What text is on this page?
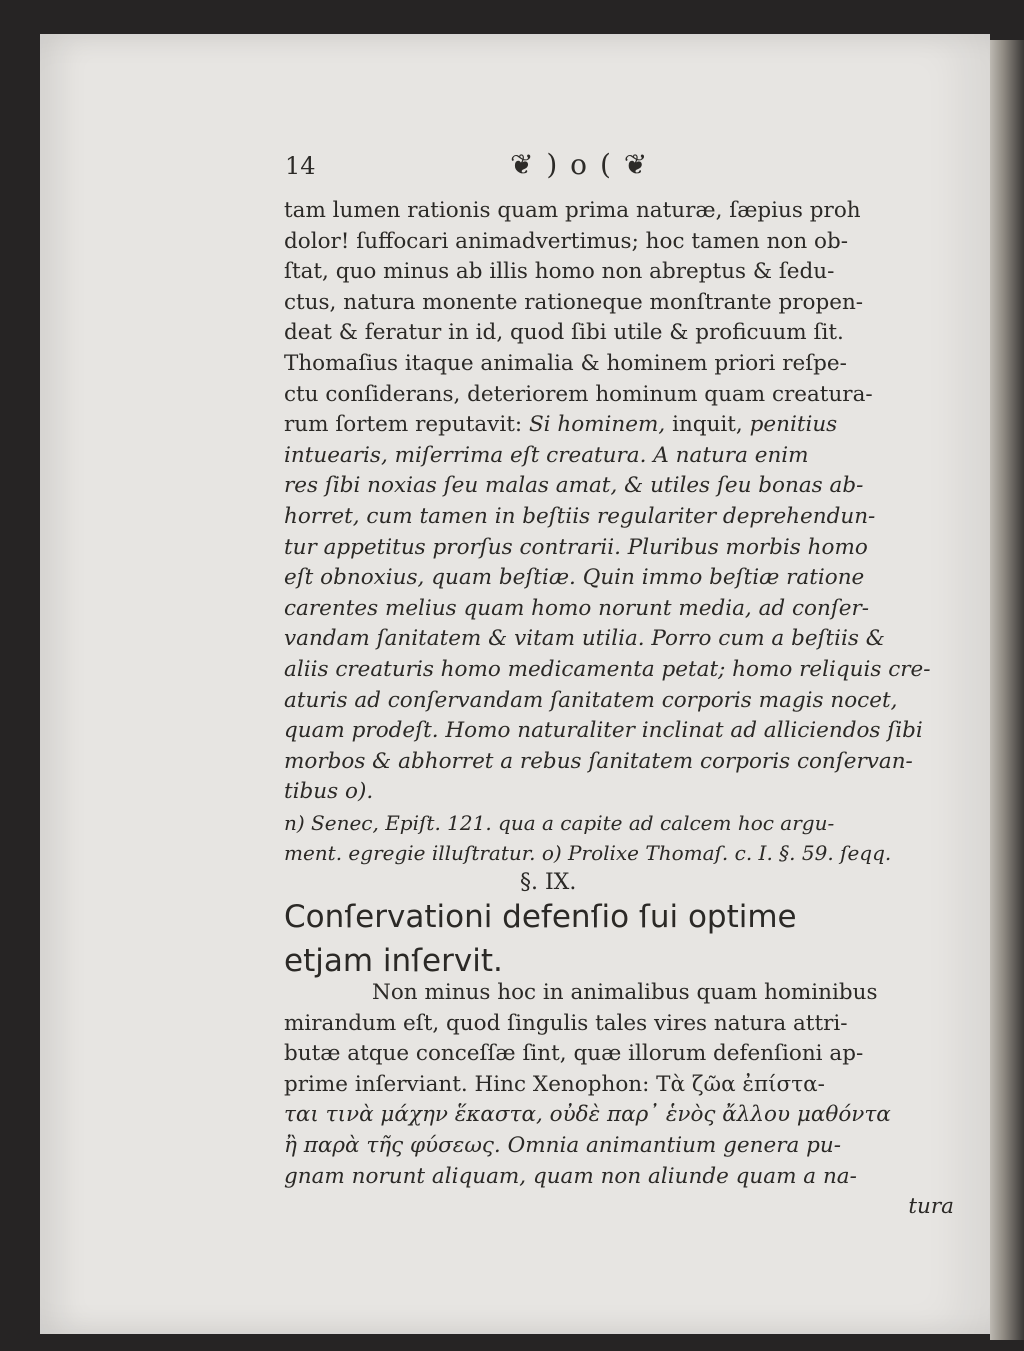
14	❦ ) o ( ❦
tam lumen rationis quam prima naturæ, ſæpius proh
dolor! ſuffocari animadvertimus; hoc tamen non ob-
ſtat, quo minus ab illis homo non abreptus & ſedu-
ctus, natura monente rationeque monſtrante propen-
deat & feratur in id, quod ſibi utile & proficuum ſit.
Thomaſius itaque animalia & hominem priori reſpe-
ctu conſiderans, deteriorem hominum quam creatura-
rum ſortem reputavit: Si hominem, inquit, penitius
intuearis, miſerrima eſt creatura. A natura enim
res ſibi noxias ſeu malas amat, & utiles ſeu bonas ab-
horret, cum tamen in beſtiis regulariter deprehendun-
tur appetitus prorſus contrarii. Pluribus morbis homo
eſt obnoxius, quam beſtiæ. Quin immo beſtiæ ratione
carentes melius quam homo norunt media, ad conſer-
vandam ſanitatem & vitam utilia. Porro cum a beſtiis &
aliis creaturis homo medicamenta petat; homo reliquis cre-
aturis ad conſervandam ſanitatem corporis magis nocet,
quam prodeſt. Homo naturaliter inclinat ad alliciendos ſibi
morbos & abhorret a rebus ſanitatem corporis conſervan-
tibus o).
n) Senec, Epiſt. 121. qua a capite ad calcem hoc argu-
ment. egregie illuſtratur. o) Prolixe Thomaſ. c. I. §. 59. ſeqq.
§. IX.
Conſervationi defenſio ſui optime
etjam inſervit.
Non minus hoc in animalibus quam hominibus
mirandum eſt, quod ſingulis tales vires natura attri-
butæ atque conceſſæ ſint, quæ illorum defenſioni ap-
prime inſerviant. Hinc Xenophon: Τὰ ζῶα ἐπίστα-
ται τινὰ μάχην ἕκαστα, οὐδὲ παρ᾽ ἑνὸς ἄλλου μαθόντα
ἢ παρὰ τῆς φύσεως. Omnia animantium genera pu-
gnam norunt aliquam, quam non aliunde quam a na-
tura
